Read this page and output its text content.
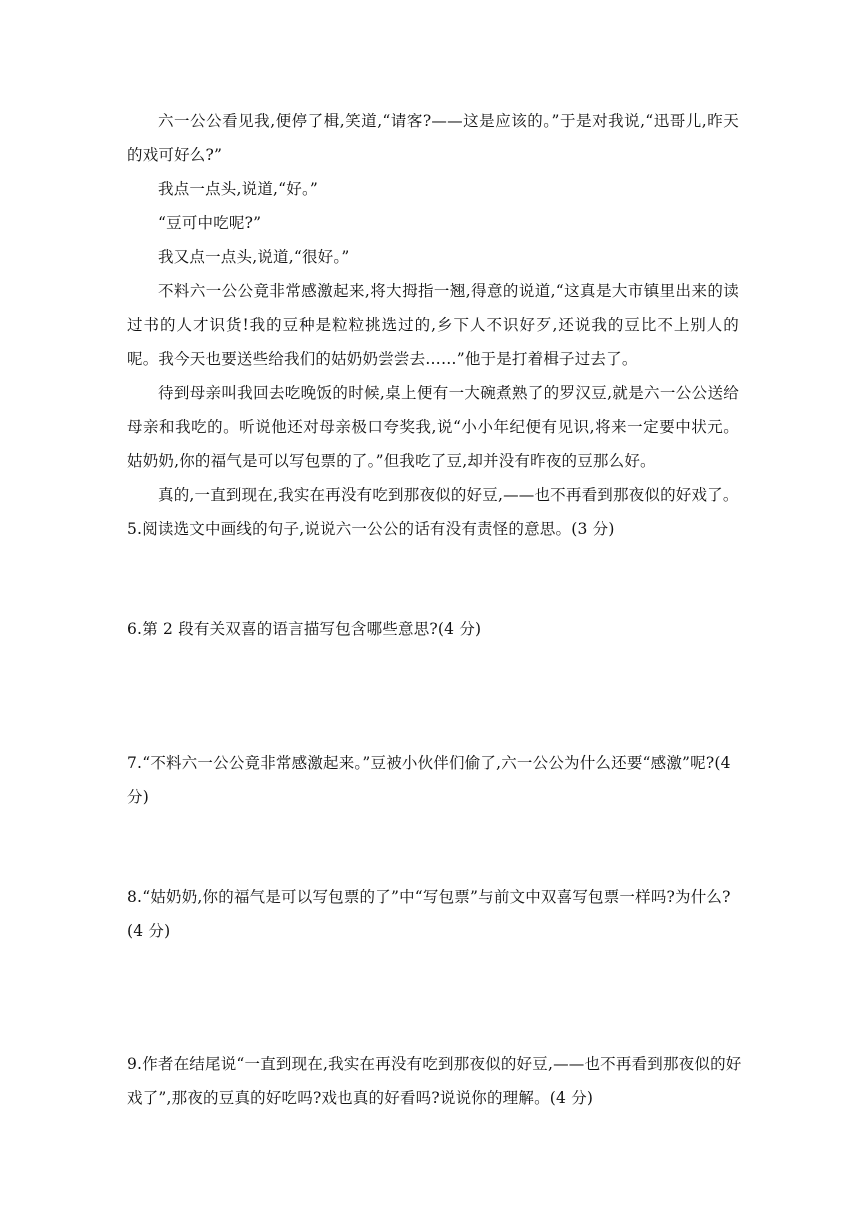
六一公公看见我,便停了楫,笑道,“请客?——这是应该的。”于是对我说,“迅哥儿,昨天的戏可好么?”

我点一点头,说道,“好。”

“豆可中吃呢?”

我又点一点头,说道,“很好。”

不料六一公公竟非常感激起来,将大拇指一翘,得意的说道,“这真是大市镇里出来的读过书的人才识货!我的豆种是粒粒挑选过的,乡下人不识好歹,还说我的豆比不上别人的呢。我今天也要送些给我们的姑奶奶尝尝去……”他于是打着楫子过去了。

待到母亲叫我回去吃晚饭的时候,桌上便有一大碗煮熟了的罗汉豆,就是六一公公送给母亲和我吃的。听说他还对母亲极口夸奖我,说“小小年纪便有见识,将来一定要中状元。姑奶奶,你的福气是可以写包票的了。”但我吃了豆,却并没有昨夜的豆那么好。

真的,一直到现在,我实在再没有吃到那夜似的好豆,——也不再看到那夜似的好戏了。

5.阅读选文中画线的句子,说说六一公公的话有没有责怪的意思。(3 分)

6.第 2 段有关双喜的语言描写包含哪些意思?(4 分)

7.“不料六一公公竟非常感激起来。”豆被小伙伴们偷了,六一公公为什么还要“感激”呢?(4 分)

8.“姑奶奶,你的福气是可以写包票的了”中“写包票”与前文中双喜写包票一样吗?为什么?(4 分)

9.作者在结尾说“一直到现在,我实在再没有吃到那夜似的好豆,——也不再看到那夜似的好戏了”,那夜的豆真的好吃吗?戏也真的好看吗?说说你的理解。(4 分)
